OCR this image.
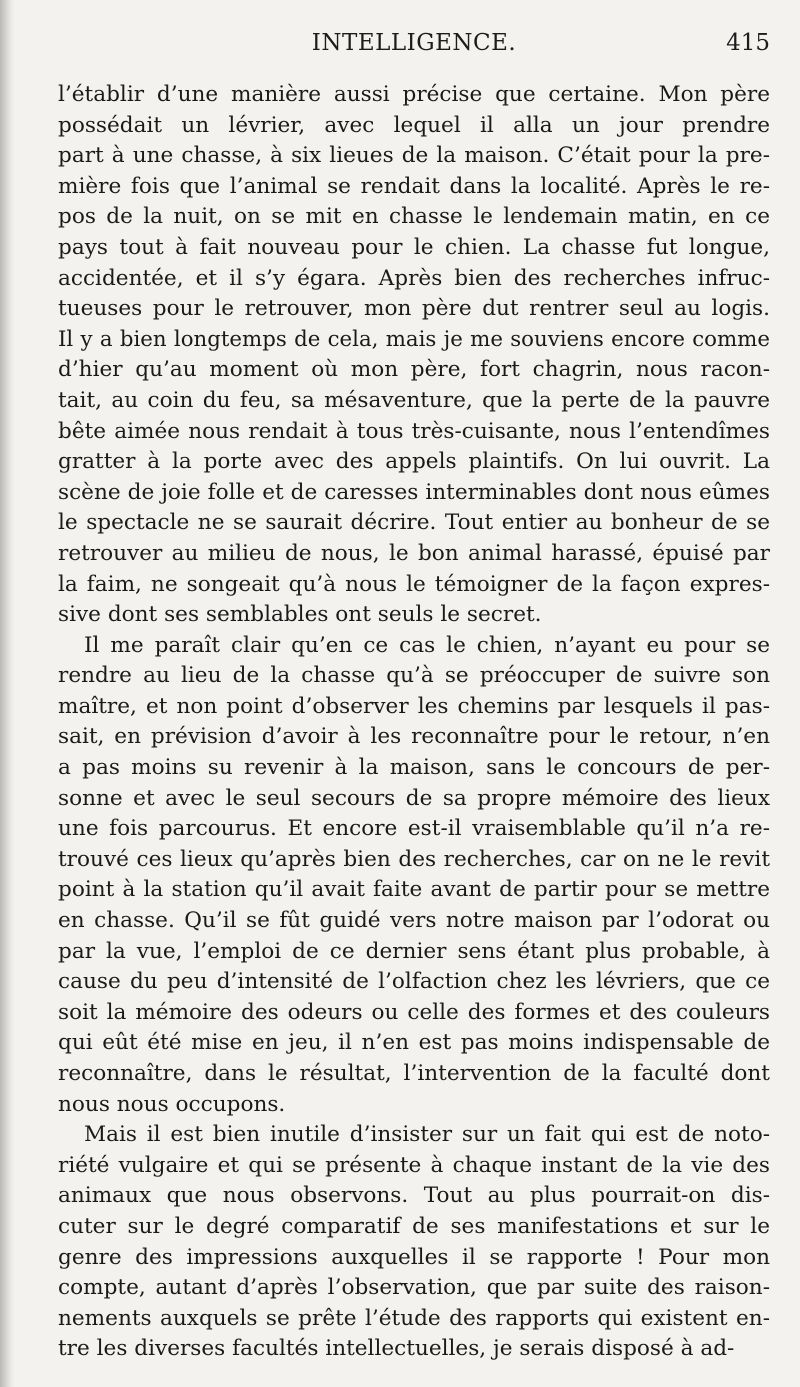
INTELLIGENCE.	415
l’établir d’une manière aussi précise que certaine. Mon père
possédait un lévrier, avec lequel il alla un jour prendre
part à une chasse, à six lieues de la maison. C’était pour la pre-
mière fois que l’animal se rendait dans la localité. Après le re-
pos de la nuit, on se mit en chasse le lendemain matin, en ce
pays tout à fait nouveau pour le chien. La chasse fut longue,
accidentée, et il s’y égara. Après bien des recherches infruc-
tueuses pour le retrouver, mon père dut rentrer seul au logis.
Il y a bien longtemps de cela, mais je me souviens encore comme
d’hier qu’au moment où mon père, fort chagrin, nous racon-
tait, au coin du feu, sa mésaventure, que la perte de la pauvre
bête aimée nous rendait à tous très-cuisante, nous l’entendîmes
gratter à la porte avec des appels plaintifs. On lui ouvrit. La
scène de joie folle et de caresses interminables dont nous eûmes
le spectacle ne se saurait décrire. Tout entier au bonheur de se
retrouver au milieu de nous, le bon animal harassé, épuisé par
la faim, ne songeait qu’à nous le témoigner de la façon expres-
sive dont ses semblables ont seuls le secret.
Il me paraît clair qu’en ce cas le chien, n’ayant eu pour se
rendre au lieu de la chasse qu’à se préoccuper de suivre son
maître, et non point d’observer les chemins par lesquels il pas-
sait, en prévision d’avoir à les reconnaître pour le retour, n’en
a pas moins su revenir à la maison, sans le concours de per-
sonne et avec le seul secours de sa propre mémoire des lieux
une fois parcourus. Et encore est-il vraisemblable qu’il n’a re-
trouvé ces lieux qu’après bien des recherches, car on ne le revit
point à la station qu’il avait faite avant de partir pour se mettre
en chasse. Qu’il se fût guidé vers notre maison par l’odorat ou
par la vue, l’emploi de ce dernier sens étant plus probable, à
cause du peu d’intensité de l’olfaction chez les lévriers, que ce
soit la mémoire des odeurs ou celle des formes et des couleurs
qui eût été mise en jeu, il n’en est pas moins indispensable de
reconnaître, dans le résultat, l’intervention de la faculté dont
nous nous occupons.
Mais il est bien inutile d’insister sur un fait qui est de noto-
riété vulgaire et qui se présente à chaque instant de la vie des
animaux que nous observons. Tout au plus pourrait-on dis-
cuter sur le degré comparatif de ses manifestations et sur le
genre des impressions auxquelles il se rapporte ! Pour mon
compte, autant d’après l’observation, que par suite des raison-
nements auxquels se prête l’étude des rapports qui existent en-
tre les diverses facultés intellectuelles, je serais disposé à ad-
